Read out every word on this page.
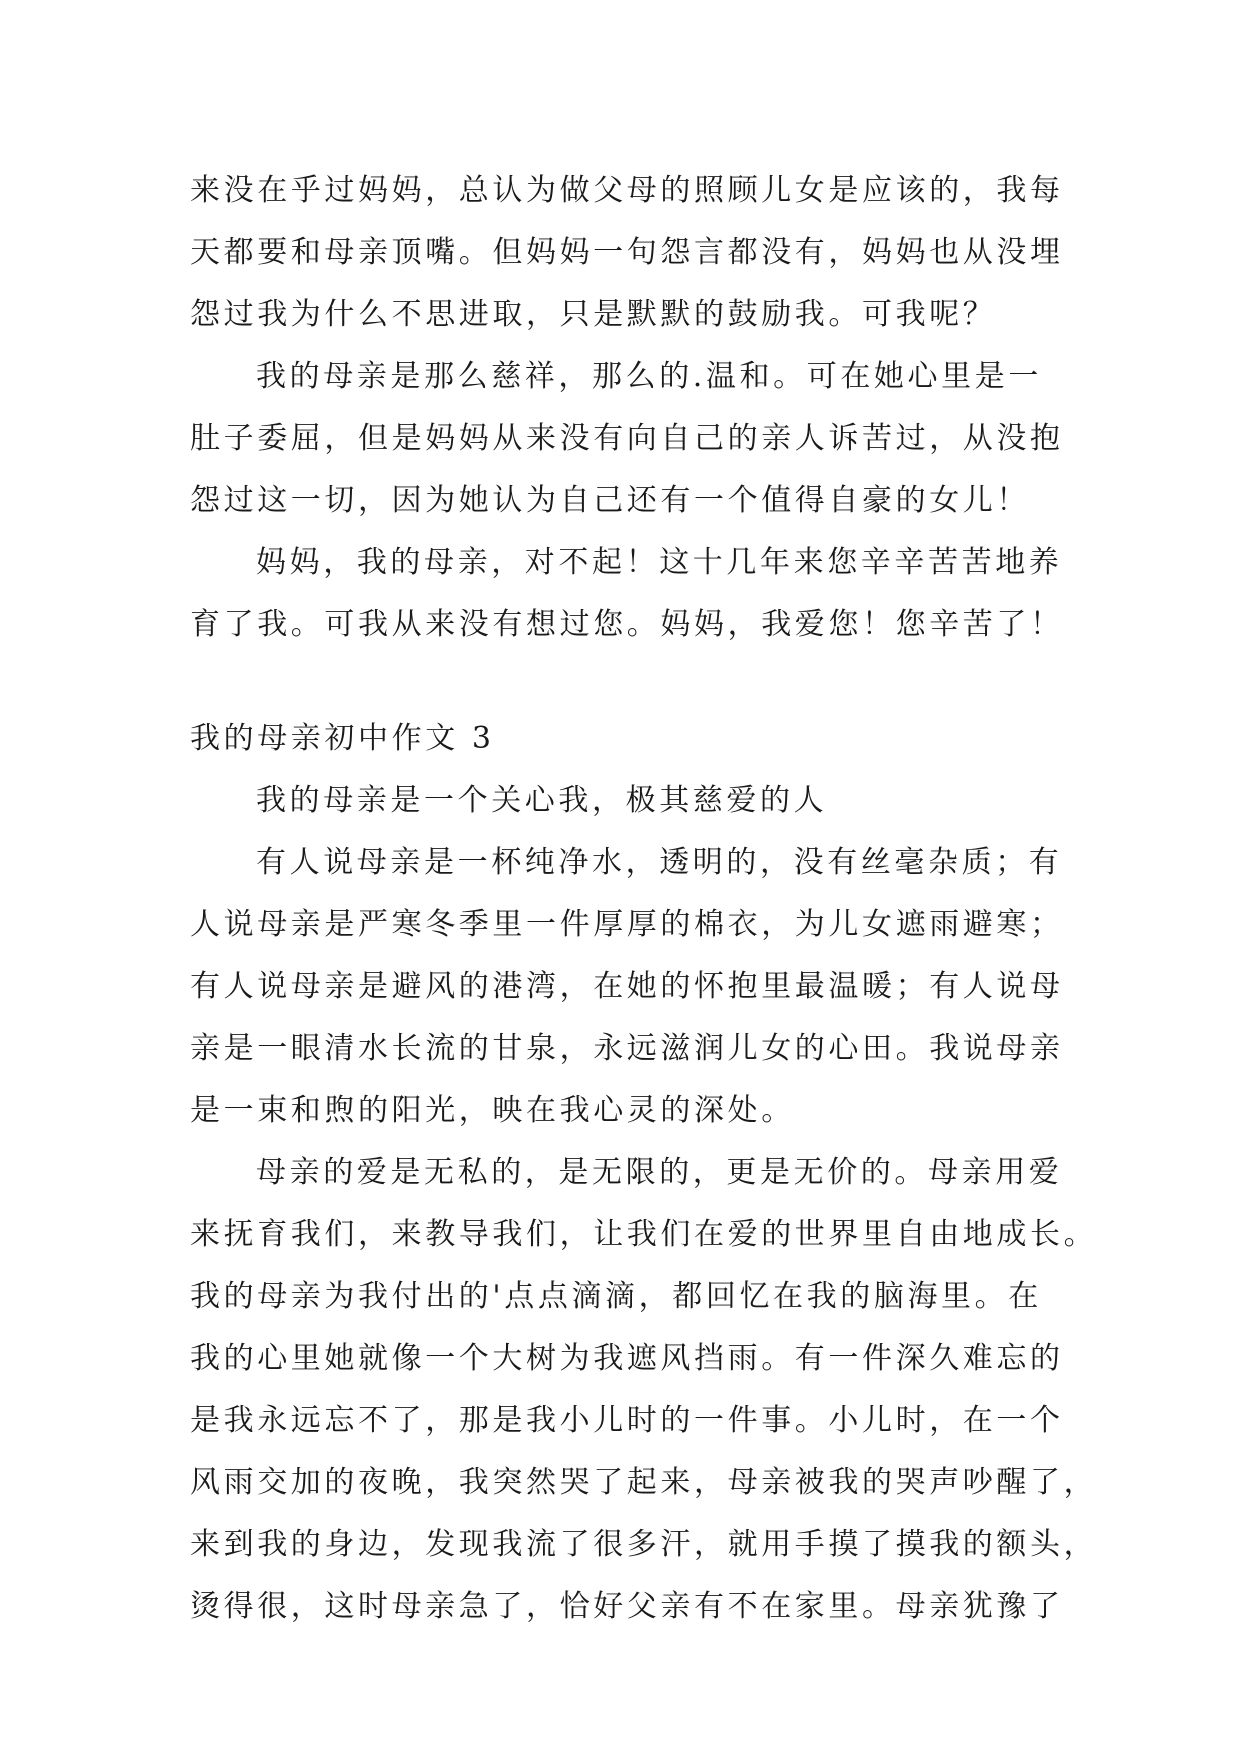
来没在乎过妈妈，总认为做父母的照顾儿女是应该的，我每
天都要和母亲顶嘴。但妈妈一句怨言都没有，妈妈也从没埋
怨过我为什么不思进取，只是默默的鼓励我。可我呢？
我的母亲是那么慈祥，那么的.温和。可在她心里是一
肚子委屈，但是妈妈从来没有向自己的亲人诉苦过，从没抱
怨过这一切，因为她认为自己还有一个值得自豪的女儿！
妈妈，我的母亲，对不起！这十几年来您辛辛苦苦地养
育了我。可我从来没有想过您。妈妈，我爱您！您辛苦了！
我的母亲初中作文 3
我的母亲是一个关心我，极其慈爱的人
有人说母亲是一杯纯净水，透明的，没有丝毫杂质；有
人说母亲是严寒冬季里一件厚厚的棉衣，为儿女遮雨避寒；
有人说母亲是避风的港湾，在她的怀抱里最温暖；有人说母
亲是一眼清水长流的甘泉，永远滋润儿女的心田。我说母亲
是一束和煦的阳光，映在我心灵的深处。
母亲的爱是无私的，是无限的，更是无价的。母亲用爱
来抚育我们，来教导我们，让我们在爱的世界里自由地成长。
我的母亲为我付出的'点点滴滴，都回忆在我的脑海里。在
我的心里她就像一个大树为我遮风挡雨。有一件深久难忘的
是我永远忘不了，那是我小儿时的一件事。小儿时，在一个
风雨交加的夜晚，我突然哭了起来，母亲被我的哭声吵醒了，
来到我的身边，发现我流了很多汗，就用手摸了摸我的额头，
烫得很，这时母亲急了，恰好父亲有不在家里。母亲犹豫了
